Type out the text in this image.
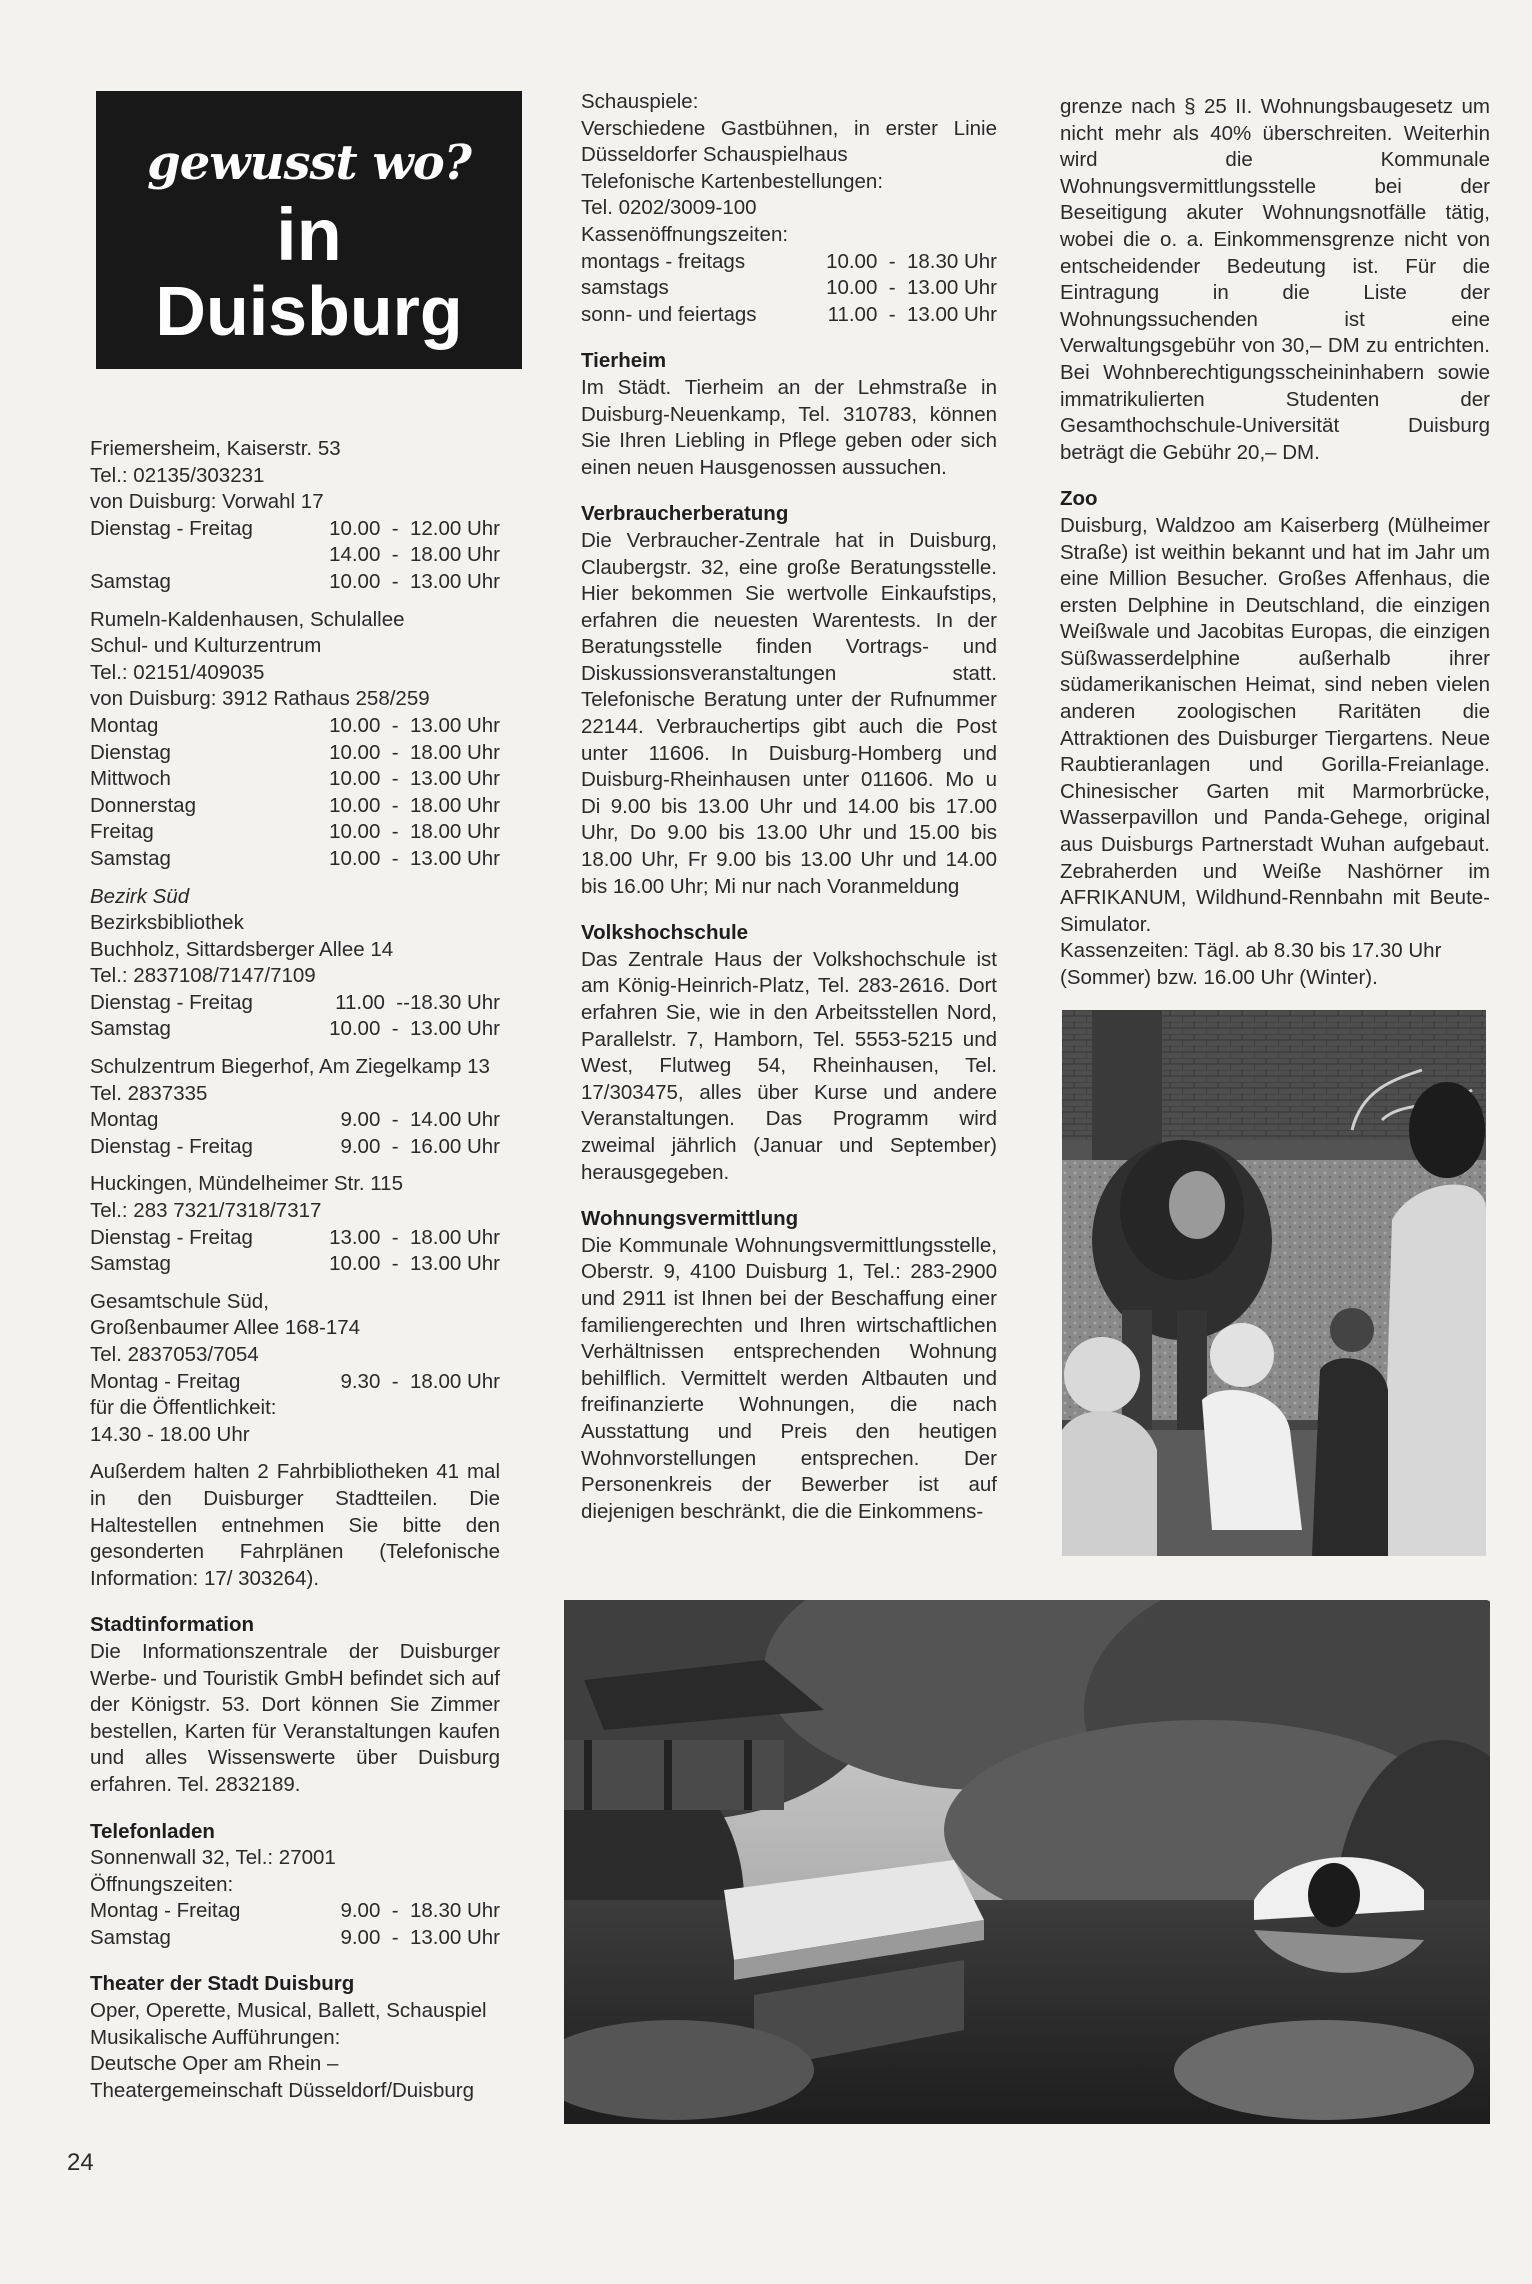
gewusst wo?
in
Duisburg

Friemersheim, Kaiserstr. 53

Tel.: 02135/303231

von Duisburg: Vorwahl 17

Dienstag - Freitag	10.00  -  12.00 Uhr
14.00  -  18.00 Uhr
Samstag	10.00  -  13.00 Uhr

Rumeln-Kaldenhausen, Schulallee

Schul- und Kulturzentrum

Tel.: 02151/409035

von Duisburg: 3912 Rathaus 258/259

Montag	10.00  -  13.00 Uhr
Dienstag	10.00  -  18.00 Uhr
Mittwoch	10.00  -  13.00 Uhr
Donnerstag	10.00  -  18.00 Uhr
Freitag	10.00  -  18.00 Uhr
Samstag	10.00  -  13.00 Uhr

Bezirk Süd

Bezirksbibliothek

Buchholz, Sittardsberger Allee 14

Tel.: 2837108/7147/7109

Dienstag - Freitag	11.00  --18.30 Uhr
Samstag	10.00  -  13.00 Uhr

Schulzentrum Biegerhof, Am Ziegelkamp 13

Tel. 2837335

Montag	9.00  -  14.00 Uhr
Dienstag - Freitag	9.00  -  16.00 Uhr

Huckingen, Mündelheimer Str. 115

Tel.: 283 7321/7318/7317

Dienstag - Freitag	13.00  -  18.00 Uhr
Samstag	10.00  -  13.00 Uhr

Gesamtschule Süd,

Großenbaumer Allee 168-174

Tel. 2837053/7054

Montag - Freitag	9.30  -  18.00 Uhr

für die Öffentlichkeit:

14.30 - 18.00 Uhr

Außerdem halten 2 Fahrbibliotheken 41 mal in den Duisburger Stadtteilen. Die Haltestellen entnehmen Sie bitte den gesonderten Fahrplänen (Telefonische Information: 17/ 303264).

Stadtinformation

Die Informationszentrale der Duisburger Werbe- und Touristik GmbH befindet sich auf der Königstr. 53. Dort können Sie Zimmer bestellen, Karten für Veranstaltungen kaufen und alles Wissenswerte über Duisburg erfahren. Tel. 2832189.

Telefonladen

Sonnenwall 32, Tel.: 27001

Öffnungszeiten:

Montag - Freitag	9.00  -  18.30 Uhr
Samstag	9.00  -  13.00 Uhr
Theater der Stadt Duisburg

Oper, Operette, Musical, Ballett, Schauspiel

Musikalische Aufführungen:

Deutsche Oper am Rhein – Theatergemeinschaft Düsseldorf/Duisburg

Schauspiele:

Verschiedene Gastbühnen, in erster Linie Düsseldorfer Schauspielhaus

Telefonische Kartenbestellungen:

Tel. 0202/3009-100

Kassenöffnungszeiten:

montags - freitags	10.00  -  18.30 Uhr
samstags	10.00  -  13.00 Uhr
sonn- und feiertags	11.00  -  13.00 Uhr
Tierheim

Im Städt. Tierheim an der Lehmstraße in Duisburg-Neuenkamp, Tel. 310783, können Sie Ihren Liebling in Pflege geben oder sich einen neuen Hausgenossen aussuchen.

Verbraucherberatung

Die Verbraucher-Zentrale hat in Duisburg, Claubergstr. 32, eine große Beratungsstelle. Hier bekommen Sie wertvolle Einkaufstips, erfahren die neuesten Warentests. In der Beratungsstelle finden Vortrags- und Diskussionsveranstaltungen statt. Telefonische Beratung unter der Rufnummer 22144. Verbrauchertips gibt auch die Post unter 11606. In Duisburg-Homberg und Duisburg-Rheinhausen unter 011606. Mo u Di 9.00 bis 13.00 Uhr und 14.00 bis 17.00 Uhr, Do 9.00 bis 13.00 Uhr und 15.00 bis 18.00 Uhr, Fr 9.00 bis 13.00 Uhr und 14.00 bis 16.00 Uhr; Mi nur nach Voranmeldung

Volkshochschule

Das Zentrale Haus der Volkshochschule ist am König-Heinrich-Platz, Tel. 283-2616. Dort erfahren Sie, wie in den Arbeitsstellen Nord, Parallelstr. 7, Hamborn, Tel. 5553-5215 und West, Flutweg 54, Rheinhausen, Tel. 17/303475, alles über Kurse und andere Veranstaltungen. Das Programm wird zweimal jährlich (Januar und September) herausgegeben.

Wohnungsvermittlung

Die Kommunale Wohnungsvermittlungsstelle, Oberstr. 9, 4100 Duisburg 1, Tel.: 283-2900 und 2911 ist Ihnen bei der Beschaffung einer familiengerechten und Ihren wirtschaftlichen Verhältnissen entsprechenden Wohnung behilflich. Vermittelt werden Altbauten und freifinanzierte Wohnungen, die nach Ausstattung und Preis den heutigen Wohnvorstellungen entsprechen. Der Personenkreis der Bewerber ist auf diejenigen beschränkt, die die Einkommens-

grenze nach § 25 II. Wohnungsbaugesetz um nicht mehr als 40% überschreiten. Weiterhin wird die Kommunale Wohnungsvermittlungsstelle bei der Beseitigung akuter Wohnungsnotfälle tätig, wobei die o. a. Einkommensgrenze nicht von entscheidender Bedeutung ist. Für die Eintragung in die Liste der Wohnungssuchenden ist eine Verwaltungsgebühr von 30,– DM zu entrichten. Bei Wohnberechtigungsscheininhabern sowie immatrikulierten Studenten der Gesamthochschule-Universität Duisburg beträgt die Gebühr 20,– DM.

Zoo

Duisburg, Waldzoo am Kaiserberg (Mülheimer Straße) ist weithin bekannt und hat im Jahr um eine Million Besucher. Großes Affenhaus, die ersten Delphine in Deutschland, die einzigen Weißwale und Jacobitas Europas, die einzigen Süßwasserdelphine außerhalb ihrer südamerikanischen Heimat, sind neben vielen anderen zoologischen Raritäten die Attraktionen des Duisburger Tiergartens. Neue Raubtieranlagen und Gorilla-Freianlage. Chinesischer Garten mit Marmorbrücke, Wasserpavillon und Panda-Gehege, original aus Duisburgs Partnerstadt Wuhan aufgebaut. Zebraherden und Weiße Nashörner im AFRIKANUM, Wildhund-Rennbahn mit Beute-Simulator.

Kassenzeiten: Tägl. ab 8.30 bis 17.30 Uhr (Sommer) bzw. 16.00 Uhr (Winter).

24
